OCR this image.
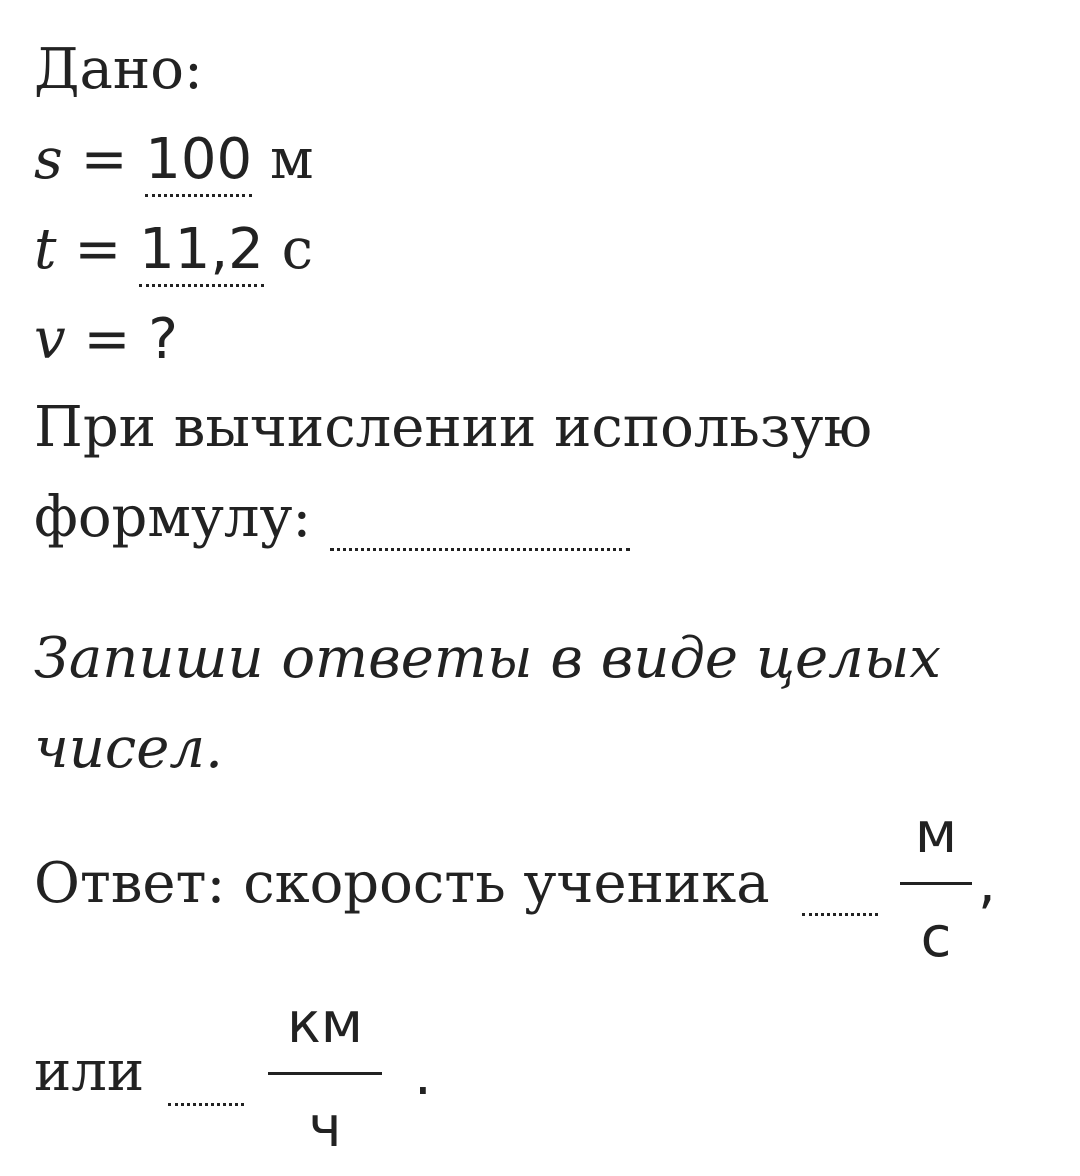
Дано:
s = 100 м
t = 11,2 с
v = ?
При вычислении использую
формулу:
Запиши ответы в виде целых
чисел.
Ответ: скорость ученика
м
с
,
или
км
ч
.
